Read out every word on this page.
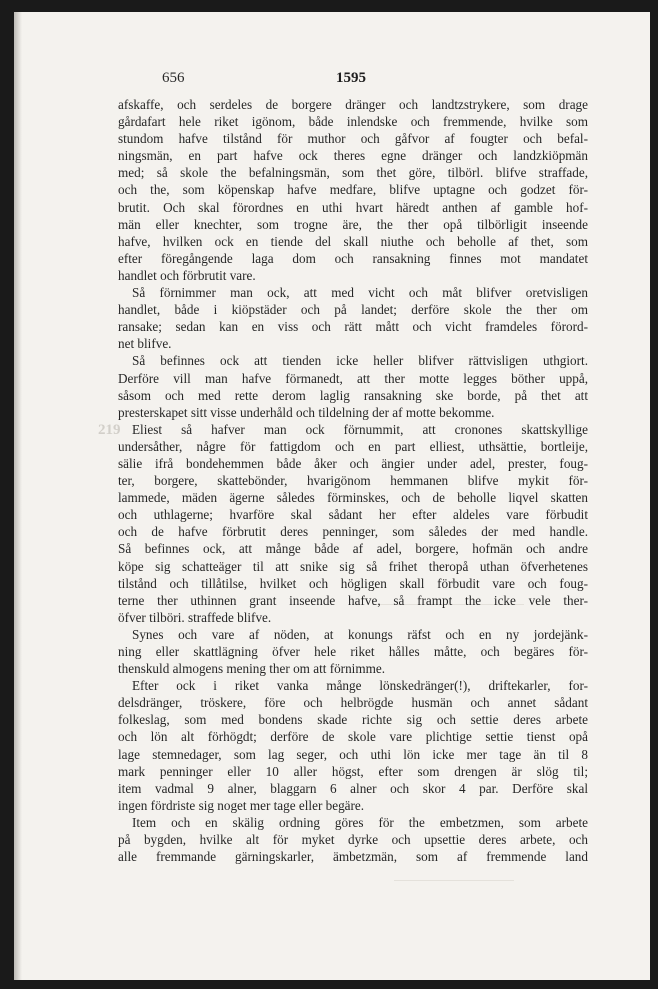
656	1595
219
afskaffe, och serdeles de borgere dränger och landtzstrykere, som drage
gårdafart hele riket igönom, både inlendske och fremmende, hvilke som
stundom hafve tilstånd för muthor och gåfvor af fougter och befal-
ningsmän, en part hafve ock theres egne dränger och landzkiöpmän
med; så skole the befalningsmän, som thet göre, tilbörl. blifve straffade,
och the, som köpenskap hafve medfare, blifve uptagne och godzet för-
brutit. Och skal förordnes en uthi hvart häredt anthen af gamble hof-
män eller knechter, som trogne äre, the ther opå tilbörligit inseende
hafve, hvilken ock en tiende del skall niuthe och beholle af thet, som
efter föregångende laga dom och ransakning finnes mot mandatet
handlet och förbrutit vare.
Så förnimmer man ock, att med vicht och måt blifver oretvisligen
handlet, både i kiöpstäder och på landet; derföre skole the ther om
ransake; sedan kan en viss och rätt mått och vicht framdeles förord-
net blifve.
Så befinnes ock att tienden icke heller blifver rättvisligen uthgiort.
Derföre vill man hafve förmanedt, att ther motte legges böther uppå,
såsom och med rette derom laglig ransakning ske borde, på thet att
presterskapet sitt visse underhåld och tildelning der af motte bekomme.
Eliest så hafver man ock förnummit, att cronones skattskyllige
undersåther, någre för fattigdom och en part elliest, uthsättie, bortleije,
sälie ifrå bondehemmen både åker och ängier under adel, prester, foug-
ter, borgere, skattebönder, hvarigönom hemmanen blifve mykit för-
lammede, mäden ägerne således förminskes, och de beholle liqvel skatten
och uthlagerne; hvarföre skal sådant her efter aldeles vare förbudit
och de hafve förbrutit deres penninger, som således der med handle.
Så befinnes ock, att månge både af adel, borgere, hofmän och andre
köpe sig schatteäger til att snike sig så frihet theropå uthan öfverhetenes
tilstånd och tillåtilse, hvilket och högligen skall förbudit vare och foug-
terne ther uthinnen grant inseende hafve, så frampt the icke vele ther-
öfver tilböri. straffede blifve.
Synes och vare af nöden, at konungs räfst och en ny jordejänk-
ning eller skattlägning öfver hele riket hålles måtte, och begäres för-
thenskuld almogens mening ther om att förnimme.
Efter ock i riket vanka månge lönskedränger(!), driftekarler, for-
delsdränger, tröskere, före och helbrögde husmän och annet sådant
folkeslag, som med bondens skade richte sig och settie deres arbete
och lön alt förhögdt; derföre de skole vare plichtige settie tienst opå
lage stemnedager, som lag seger, och uthi lön icke mer tage än til 8
mark penninger eller 10 aller högst, efter som drengen är slög til;
item vadmal 9 alner, blaggarn 6 alner och skor 4 par. Derföre skal
ingen fördriste sig noget mer tage eller begäre.
Item och en skälig ordning göres för the embetzmen, som arbete
på bygden, hvilke alt för myket dyrke och upsettie deres arbete, och
alle fremmande gärningskarler, ämbetzmän, som af fremmende land
